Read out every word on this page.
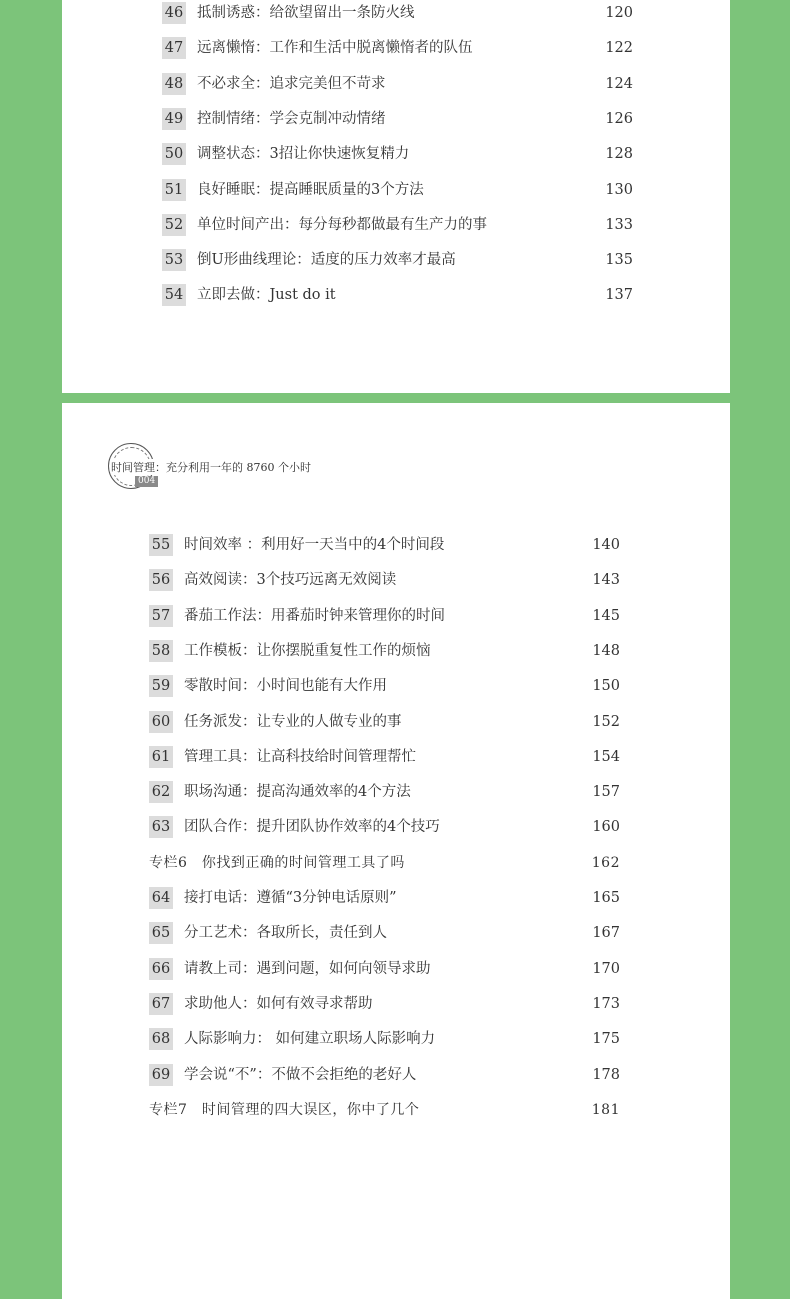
46 抵制诱惑：给欲望留出一条防火线	120
47 远离懒惰：工作和生活中脱离懒惰者的队伍	122
48 不必求全：追求完美但不苛求	124
49 控制情绪：学会克制冲动情绪	126
50 调整状态：3招让你快速恢复精力	128
51 良好睡眠：提高睡眠质量的3个方法	130
52 单位时间产出：每分每秒都做最有生产力的事	133
53 倒U形曲线理论：适度的压力效率才最高	135
54 立即去做：Just do it	137
时间管理：充分利用一年的 8760 个小时
004
55 时间效率 ：利用好一天当中的4个时间段	140
56 高效阅读：3个技巧远离无效阅读	143
57 番茄工作法：用番茄时钟来管理你的时间	145
58 工作模板：让你摆脱重复性工作的烦恼	148
59 零散时间：小时间也能有大作用	150
60 任务派发：让专业的人做专业的事	152
61 管理工具：让高科技给时间管理帮忙	154
62 职场沟通：提高沟通效率的4个方法	157
63 团队合作：提升团队协作效率的4个技巧	160
专栏6　你找到正确的时间管理工具了吗	162
64 接打电话：遵循“3分钟电话原则”	165
65 分工艺术：各取所长，责任到人	167
66 请教上司：遇到问题，如何向领导求助	170
67 求助他人：如何有效寻求帮助	173
68 人际影响力： 如何建立职场人际影响力	175
69 学会说“不”：不做不会拒绝的老好人	178
专栏7　时间管理的四大误区，你中了几个	181
